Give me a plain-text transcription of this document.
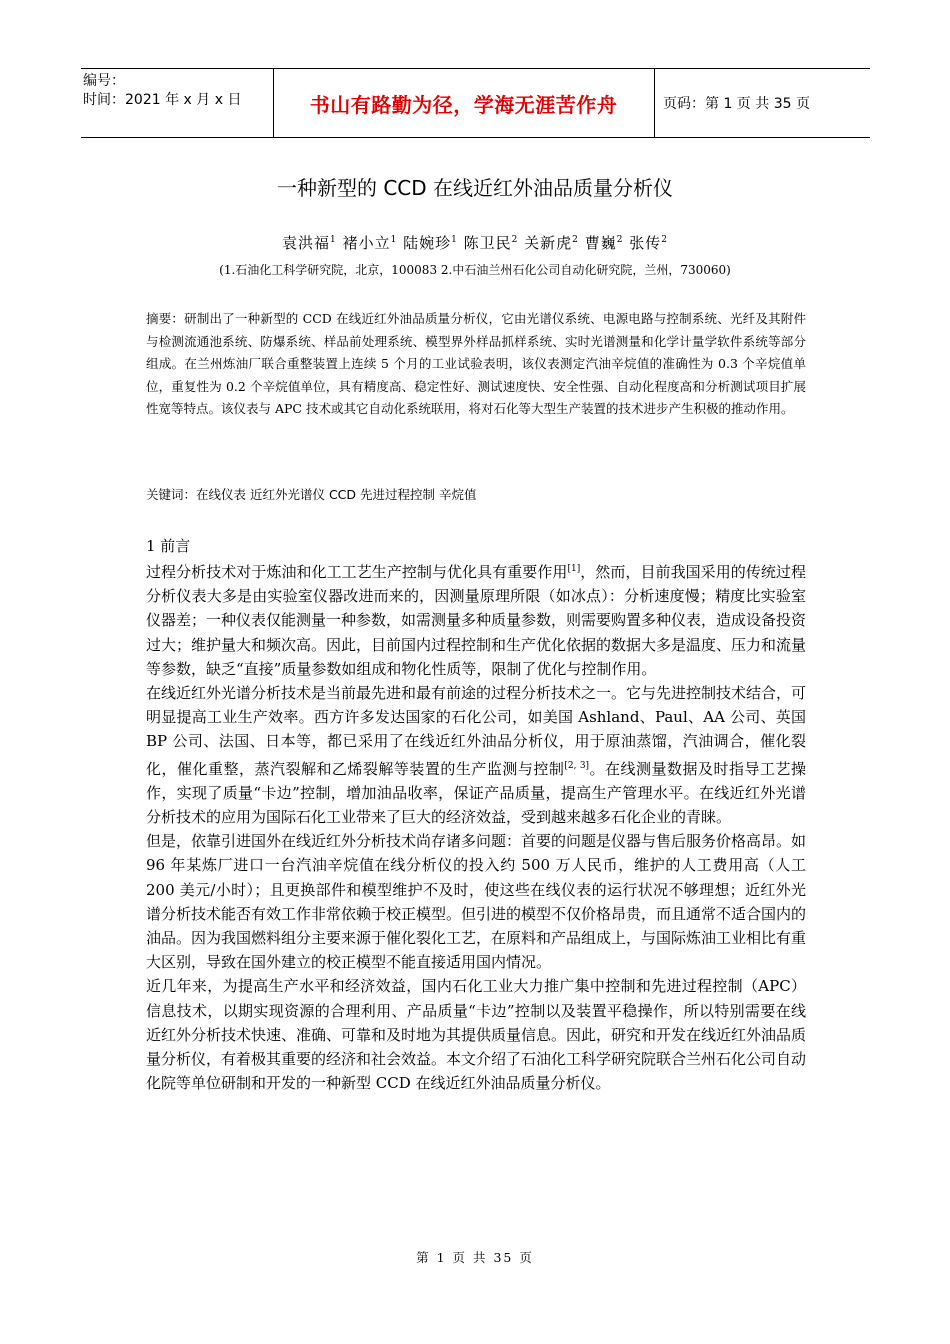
编号：
时间：2021 年 x 月 x 日	书山有路勤为径，学海无涯苦作舟	页码：第 1 页 共 35 页
一种新型的 CCD 在线近红外油品质量分析仪
袁洪福$^1$ 褚小立$^1$ 陆婉珍$^1$ 陈卫民$^2$ 关新虎$^2$ 曹巍$^2$ 张传$^2$
(1.石油化工科学研究院，北京，100083 2.中石油兰州石化公司自动化研究院，兰州，730060)
摘要：研制出了一种新型的 CCD 在线近红外油品质量分析仪，它由光谱仪系统、电源电路与控制系统、光纤及其附件与检测流通池系统、防爆系统、样品前处理系统、模型界外样品抓样系统、实时光谱测量和化学计量学软件系统等部分组成。在兰州炼油厂联合重整装置上连续 5 个月的工业试验表明，该仪表测定汽油辛烷值的准确性为 0.3 个辛烷值单位，重复性为 0.2 个辛烷值单位，具有精度高、稳定性好、测试速度快、安全性强、自动化程度高和分析测试项目扩展性宽等特点。该仪表与 APC 技术或其它自动化系统联用，将对石化等大型生产装置的技术进步产生积极的推动作用。
关键词：在线仪表 近红外光谱仪 CCD 先进过程控制 辛烷值
1 前言

过程分析技术对于炼油和化工工艺生产控制与优化具有重要作用[1]，然而，目前我国采用的传统过程分析仪表大多是由实验室仪器改进而来的，因测量原理所限（如冰点）：分析速度慢；精度比实验室仪器差；一种仪表仅能测量一种参数，如需测量多种质量参数，则需要购置多种仪表，造成设备投资过大；维护量大和频次高。因此，目前国内过程控制和生产优化依据的数据大多是温度、压力和流量等参数，缺乏“直接”质量参数如组成和物化性质等，限制了优化与控制作用。

在线近红外光谱分析技术是当前最先进和最有前途的过程分析技术之一。它与先进控制技术结合，可明显提高工业生产效率。西方许多发达国家的石化公司，如美国 Ashland、Paul、AA 公司、英国 BP 公司、法国、日本等，都已采用了在线近红外油品分析仪，用于原油蒸馏，汽油调合，催化裂化，催化重整，蒸汽裂解和乙烯裂解等装置的生产监测与控制[2, 3]。在线测量数据及时指导工艺操作，实现了质量“卡边”控制，增加油品收率，保证产品质量，提高生产管理水平。在线近红外光谱分析技术的应用为国际石化工业带来了巨大的经济效益，受到越来越多石化企业的青睐。

但是，依靠引进国外在线近红外分析技术尚存诸多问题：首要的问题是仪器与售后服务价格高昂。如 96 年某炼厂进口一台汽油辛烷值在线分析仪的投入约 500 万人民币，维护的人工费用高（人工 200 美元/小时）；且更换部件和模型维护不及时，使这些在线仪表的运行状况不够理想；近红外光谱分析技术能否有效工作非常依赖于校正模型。但引进的模型不仅价格昂贵，而且通常不适合国内的油品。因为我国燃料组分主要来源于催化裂化工艺，在原料和产品组成上，与国际炼油工业相比有重大区别，导致在国外建立的校正模型不能直接适用国内情况。

近几年来，为提高生产水平和经济效益，国内石化工业大力推广集中控制和先进过程控制（APC）信息技术，以期实现资源的合理利用、产品质量“卡边”控制以及装置平稳操作，所以特别需要在线近红外分析技术快速、准确、可靠和及时地为其提供质量信息。因此，研究和开发在线近红外油品质量分析仪，有着极其重要的经济和社会效益。本文介绍了石油化工科学研究院联合兰州石化公司自动化院等单位研制和开发的一种新型 CCD 在线近红外油品质量分析仪。

第 1 页 共 35 页
